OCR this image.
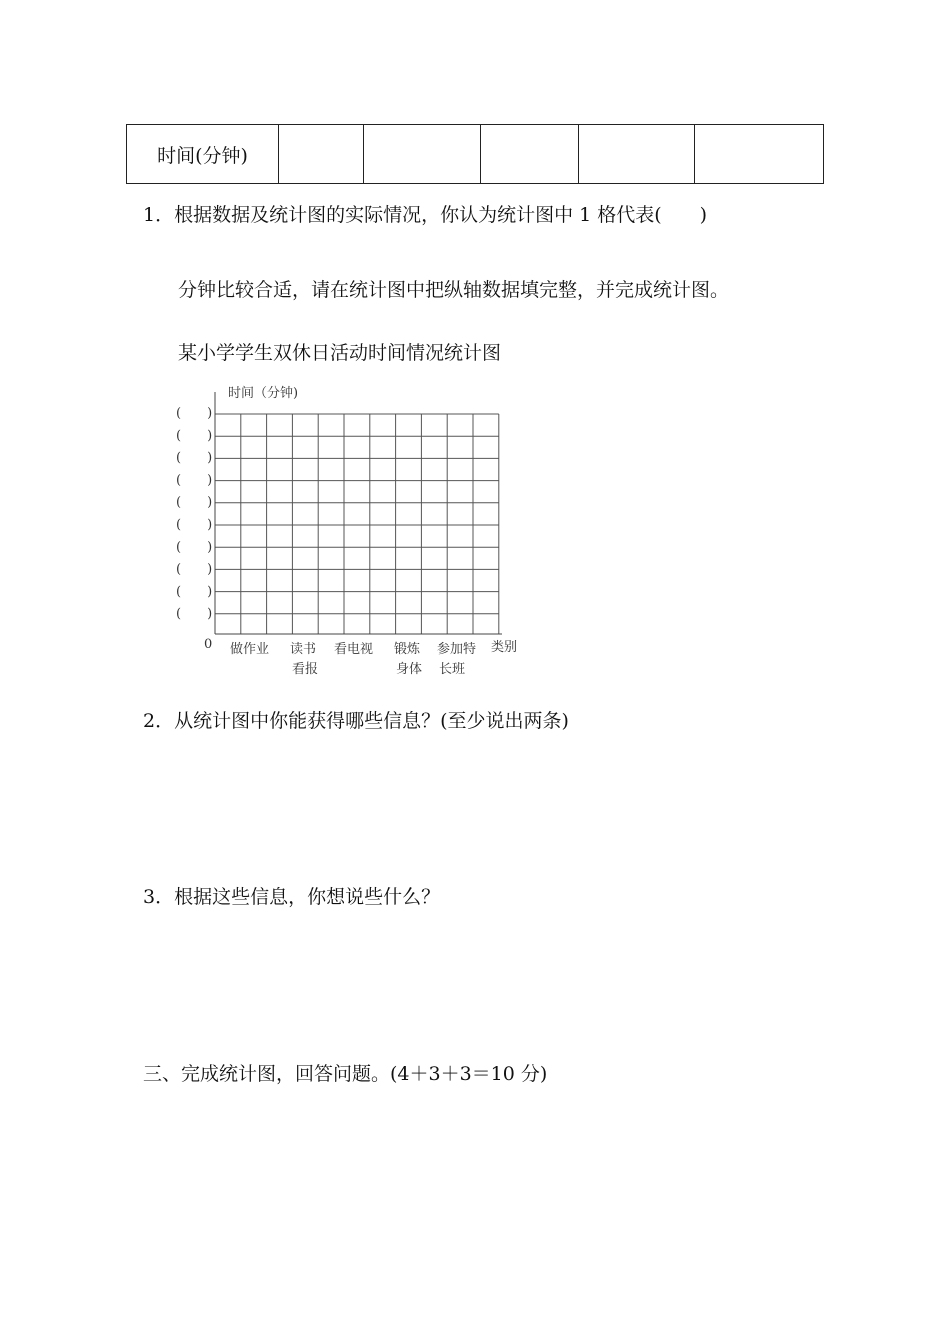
时间(分钟)					
1．根据数据及统计图的实际情况，你认为统计图中 1 格代表(　　)
分钟比较合适，请在统计图中把纵轴数据填完整，并完成统计图。
某小学学生双休日活动时间情况统计图
时间（分钟)
0	类别
(　　)
(　　)
(　　)
(　　)
(　　)
(　　)
(　　)
(　　)
(　　)
(　　)
做作业 读书
看报
看电视 锻炼
身体
参加特
长班
2．从统计图中你能获得哪些信息？(至少说出两条)
3．根据这些信息，你想说些什么？
三、完成统计图，回答问题。(4＋3＋3＝10 分)
